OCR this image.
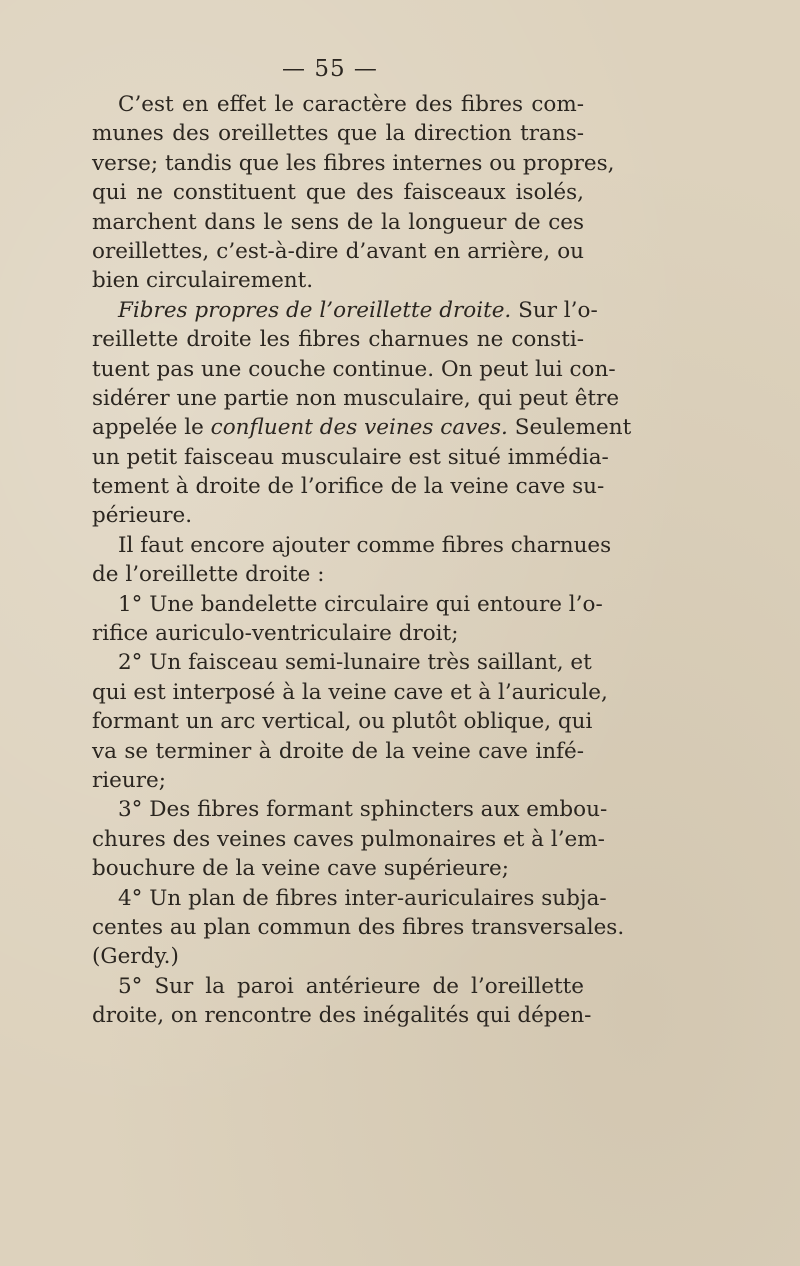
— 55 —
C’est en effet le caractère des fibres com-
munes des oreillettes que la direction trans-
verse; tandis que les fibres internes ou propres,
qui ne constituent que des faisceaux isolés,
marchent dans le sens de la longueur de ces
oreillettes, c’est-à-dire d’avant en arrière, ou
bien circulairement.
Fibres propres de l’oreillette droite. Sur l’o-
reillette droite les fibres charnues ne consti-
tuent pas une couche continue. On peut lui con-
sidérer une partie non musculaire, qui peut être
appelée le confluent des veines caves. Seulement
un petit faisceau musculaire est situé immédia-
tement à droite de l’orifice de la veine cave su-
périeure.
Il faut encore ajouter comme fibres charnues
de l’oreillette droite :
1° Une bandelette circulaire qui entoure l’o-
rifice auriculo-ventriculaire droit;
2° Un faisceau semi-lunaire très saillant, et
qui est interposé à la veine cave et à l’auricule,
formant un arc vertical, ou plutôt oblique, qui
va se terminer à droite de la veine cave infé-
rieure;
3° Des fibres formant sphincters aux embou-
chures des veines caves pulmonaires et à l’em-
bouchure de la veine cave supérieure;
4° Un plan de fibres inter-auriculaires subja-
centes au plan commun des fibres transversales.
(Gerdy.)
5° Sur la paroi antérieure de l’oreillette
droite, on rencontre des inégalités qui dépen-
